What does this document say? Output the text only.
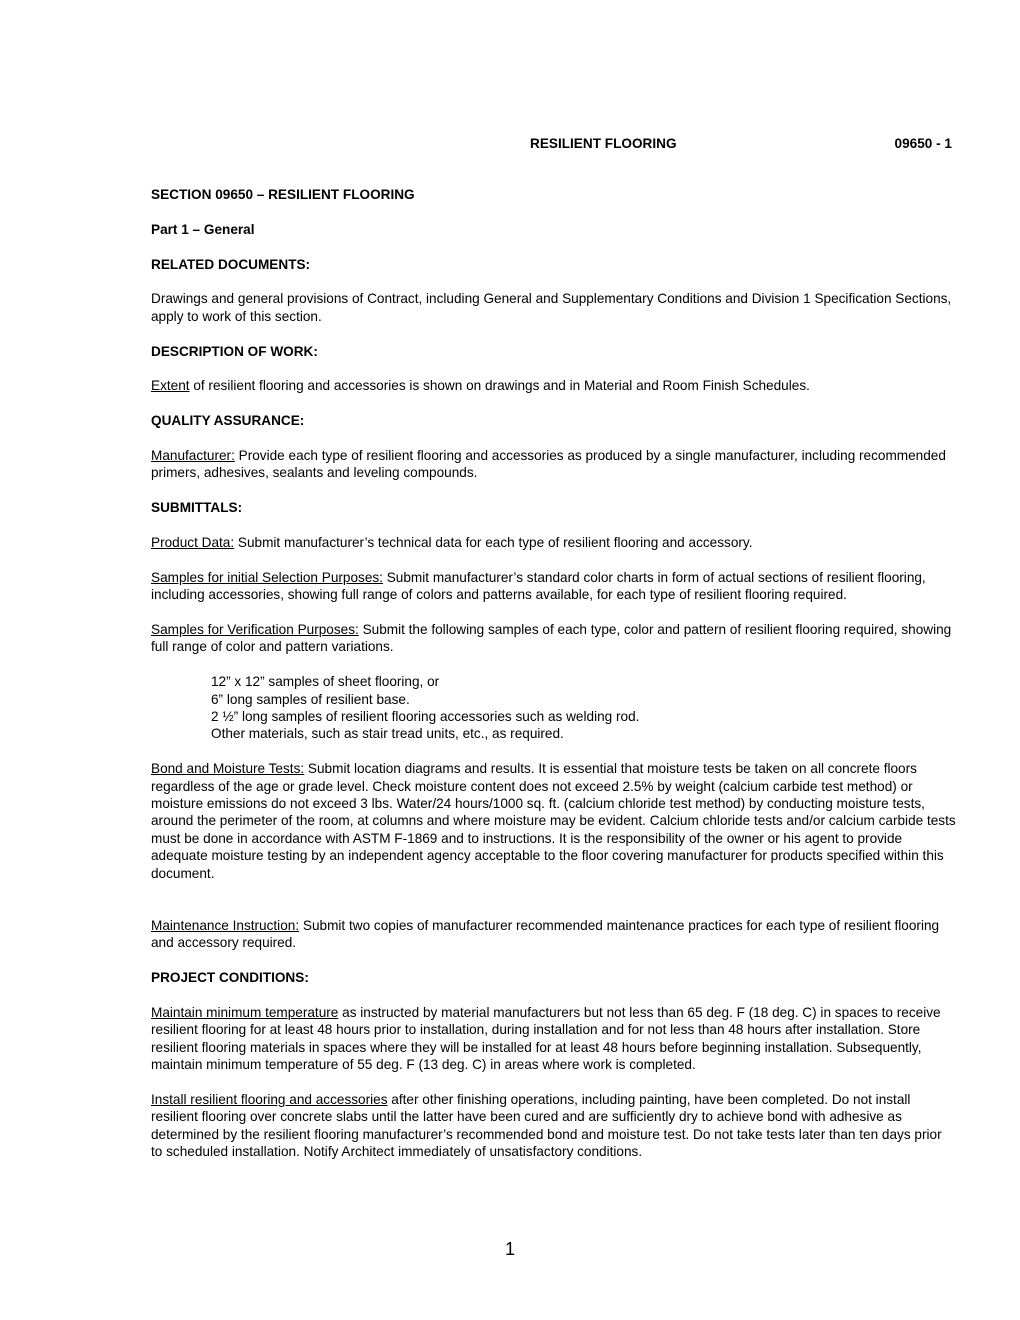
RESILIENT FLOORING	09650 - 1

SECTION 09650 – RESILIENT FLOORING

Part 1 – General

RELATED DOCUMENTS:

Drawings and general provisions of Contract, including General and Supplementary Conditions and Division 1 Specification Sections, apply to work of this section.

DESCRIPTION OF WORK:

Extent of resilient flooring and accessories is shown on drawings and in Material and Room Finish Schedules.

QUALITY ASSURANCE:

Manufacturer: Provide each type of resilient flooring and accessories as produced by a single manufacturer, including recommended primers, adhesives, sealants and leveling compounds.

SUBMITTALS:

Product Data: Submit manufacturer’s technical data for each type of resilient flooring and accessory.

Samples for initial Selection Purposes: Submit manufacturer’s standard color charts in form of actual sections of resilient flooring, including accessories, showing full range of colors and patterns available, for each type of resilient flooring required.

Samples for Verification Purposes: Submit the following samples of each type, color and pattern of resilient flooring required, showing full range of color and pattern variations.

12” x 12” samples of sheet flooring, or

6” long samples of resilient base.

2 ½” long samples of resilient flooring accessories such as welding rod.

Other materials, such as stair tread units, etc., as required.

Bond and Moisture Tests: Submit location diagrams and results. It is essential that moisture tests be taken on all concrete floors regardless of the age or grade level. Check moisture content does not exceed 2.5% by weight (calcium carbide test method) or moisture emissions do not exceed 3 lbs. Water/24 hours/1000 sq. ft. (calcium chloride test method) by conducting moisture tests, around the perimeter of the room, at columns and where moisture may be evident. Calcium chloride tests and/or calcium carbide tests must be done in accordance with ASTM F-1869 and to instructions. It is the responsibility of the owner or his agent to provide adequate moisture testing by an independent agency acceptable to the floor covering manufacturer for products specified within this document.

Maintenance Instruction: Submit two copies of manufacturer recommended maintenance practices for each type of resilient flooring and accessory required.

PROJECT CONDITIONS:

Maintain minimum temperature as instructed by material manufacturers but not less than 65 deg. F (18 deg. C) in spaces to receive resilient flooring for at least 48 hours prior to installation, during installation and for not less than 48 hours after installation. Store resilient flooring materials in spaces where they will be installed for at least 48 hours before beginning installation. Subsequently, maintain minimum temperature of 55 deg. F (13 deg. C) in areas where work is completed.

Install resilient flooring and accessories after other finishing operations, including painting, have been completed. Do not install resilient flooring over concrete slabs until the latter have been cured and are sufficiently dry to achieve bond with adhesive as determined by the resilient flooring manufacturer’s recommended bond and moisture test. Do not take tests later than ten days prior to scheduled installation. Notify Architect immediately of unsatisfactory conditions.

1
